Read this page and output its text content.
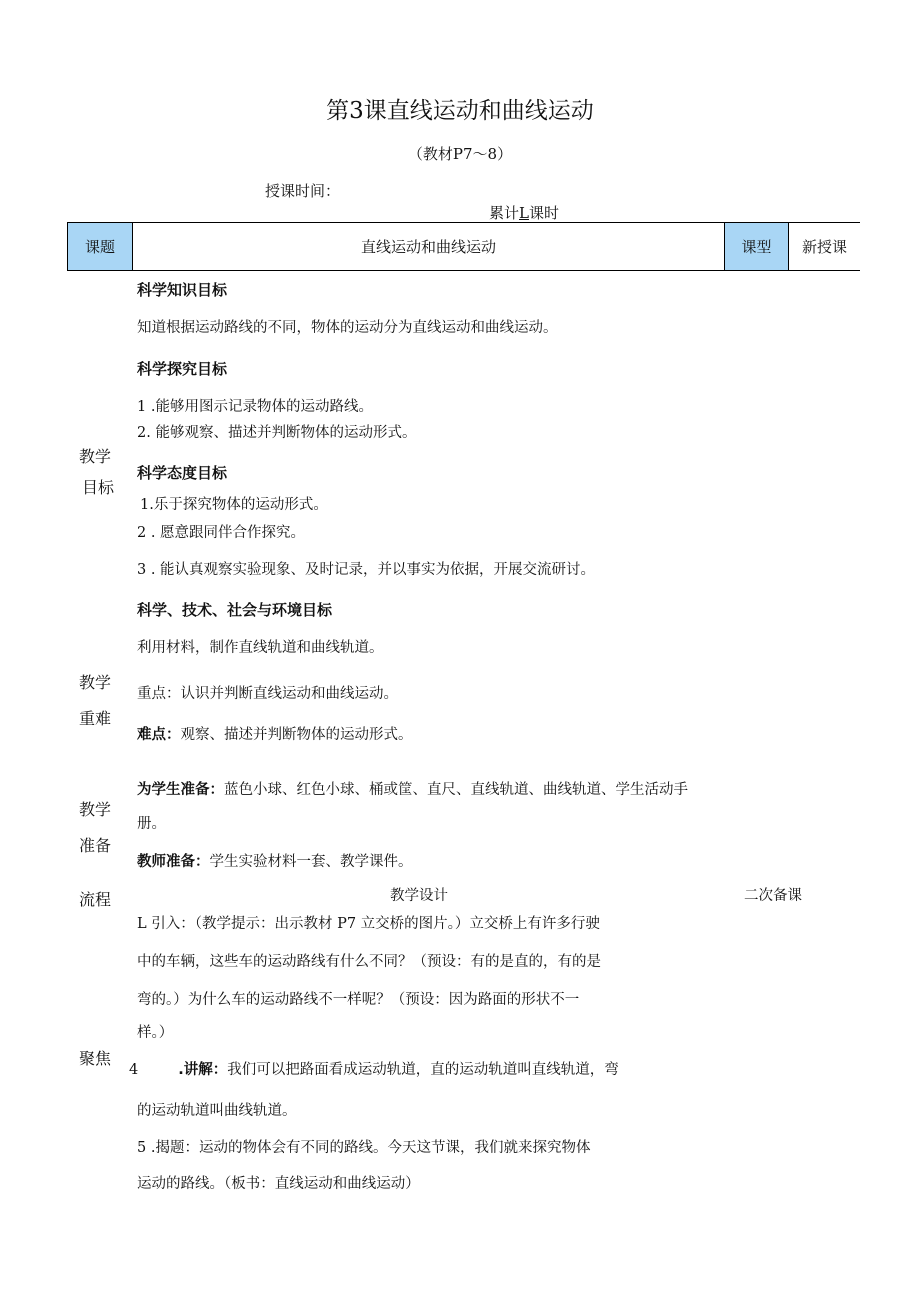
第3课直线运动和曲线运动
（教材P7～8）
授课时间：
累计L课时
课题	直线运动和曲线运动	课型 新授课
教学
目标
科学知识目标
知道根据运动路线的不同，物体的运动分为直线运动和曲线运动。
科学探究目标
1 .能够用图示记录物体的运动路线。
2. 能够观察、描述并判断物体的运动形式。
科学态度目标
1.乐于探究物体的运动形式。
2 . 愿意跟同伴合作探究。
3 . 能认真观察实验现象、及时记录，并以事实为依据，开展交流研讨。
科学、技术、社会与环境目标
利用材料，制作直线轨道和曲线轨道。
教学
重难
重点：认识并判断直线运动和曲线运动。
难点：观察、描述并判断物体的运动形式。
教学
准备
为学生准备：蓝色小球、红色小球、桶或筐、直尺、直线轨道、曲线轨道、学生活动手
册。
教师准备：学生实验材料一套、教学课件。
流程	教学设计	二次备课
L 引入：（教学提示：出示教材 P7 立交桥的图片。）立交桥上有许多行驶
中的车辆，这些车的运动路线有什么不同？（预设：有的是直的，有的是
弯的。）为什么车的运动路线不一样呢？（预设：因为路面的形状不一
样。）
聚焦
4	.讲解：我们可以把路面看成运动轨道，直的运动轨道叫直线轨道，弯
的运动轨道叫曲线轨道。
5 .揭题：运动的物体会有不同的路线。今天这节课，我们就来探究物体
运动的路线。（板书：直线运动和曲线运动）
